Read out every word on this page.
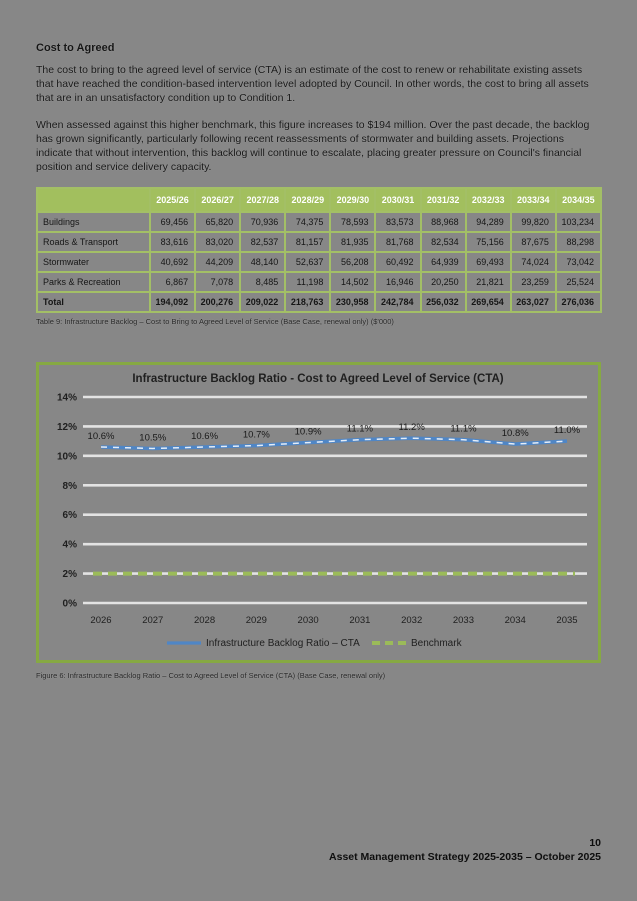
Cost to Agreed

The cost to bring to the agreed level of service (CTA) is an estimate of the cost to renew or rehabilitate existing assets that have reached the condition-based intervention level adopted by Council. In other words, the cost to bring all assets that are in an unsatisfactory condition up to Condition 1.

When assessed against this higher benchmark, this figure increases to $194 million. Over the past decade, the backlog has grown significantly, particularly following recent reassessments of stormwater and building assets. Projections indicate that without intervention, this backlog will continue to escalate, placing greater pressure on Council's financial position and service delivery capacity.

	2025/26	2026/27	2027/28	2028/29	2029/30	2030/31	2031/32	2032/33	2033/34	2034/35
Buildings	69,456	65,820	70,936	74,375	78,593	83,573	88,968	94,289	99,820	103,234
Roads & Transport	83,616	83,020	82,537	81,157	81,935	81,768	82,534	75,156	87,675	88,298
Stormwater	40,692	44,209	48,140	52,637	56,208	60,492	64,939	69,493	74,024	73,042
Parks & Recreation	6,867	7,078	8,485	11,198	14,502	16,946	20,250	21,821	23,259	25,524
Total	194,092	200,276	209,022	218,763	230,958	242,784	256,032	269,654	263,027	276,036
Table 9: Infrastructure Backlog – Cost to Bring to Agreed Level of Service (Base Case, renewal only) ($'000)
Infrastructure Backlog Ratio - Cost to Agreed Level of Service (CTA)
0%
2%
4%
6%
8%
10%
12%
14%
10.6%	10.5%	10.6%	10.7%	10.9%	11.1%	11.2%	11.1%	10.8%	11.0%
2026	2027	2028	2029	2030	2031	2032	2033	2034	2035
Infrastructure Backlog Ratio – CTA	Benchmark
Figure 6: Infrastructure Backlog Ratio – Cost to Agreed Level of Service (CTA) (Base Case, renewal only)
10
Asset Management Strategy 2025-2035 – October 2025
